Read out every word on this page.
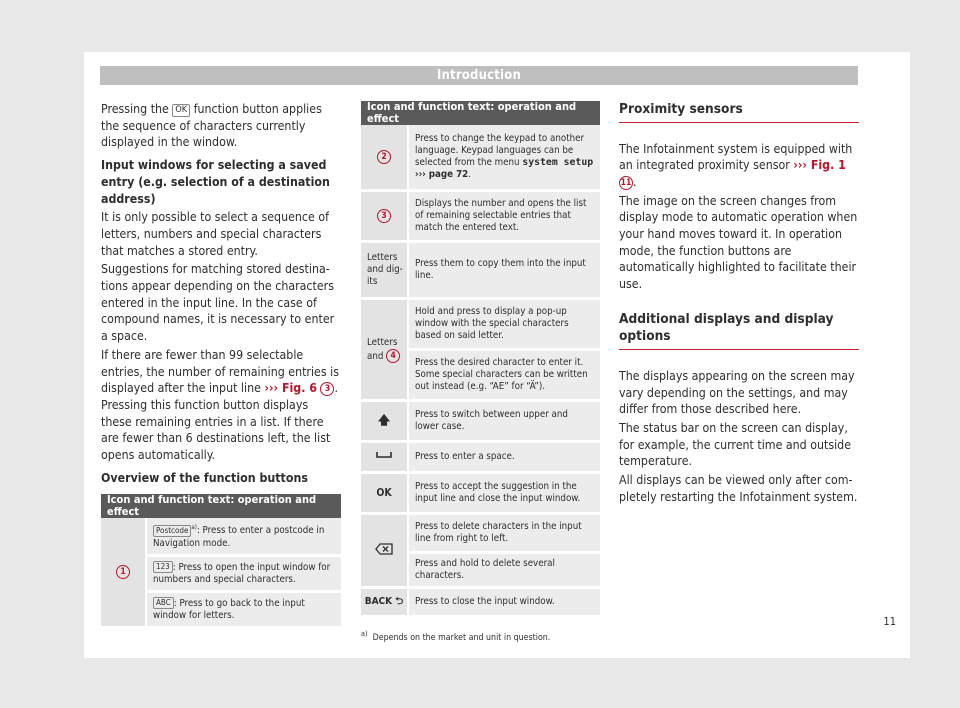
Introduction

Pressing the OK function button applies the sequence of characters currently displayed in the window.

Input windows for selecting a saved entry (e.g. selection of a destination address)

It is only possible to select a sequence of letters, numbers and special characters that matches a stored entry.

Suggestions for matching stored destinations appear depending on the characters entered in the input line. In the case of compound names, it is necessary to enter a space.

If there are fewer than 99 selectable entries, the number of remaining entries is displayed after the input line ››› Fig. 6 3 . Pressing this function button displays these remaining entries in a list. If there are fewer than 6 destinations left, the list opens automatically.

Overview of the function buttons

Icon and function text: operation and effect
1	Postcode $^{a)}$: Press to enter a postcode in Navigation mode.
123 : Press to open the input window for numbers and special characters.
ABC : Press to go back to the input window for letters.
Icon and function text: operation and effect	
2	Press to change the keypad to another language. Keypad languages can be selected from the menu system setup
››› page 72.
3	Displays the number and opens the list of remaining selectable entries that match the entered text.
Letters and digits	Press them to copy them into the input line.
Letters and 4	Hold and press to display a pop-up window with the special characters based on said letter.
	Press the desired character to enter it. Some special characters can be written out instead (e.g. “AE” for “Ä”).
🡅	Press to switch between upper and lower case.
	Press to enter a space.
OK	Press to accept the suggestion in the input line and close the input window.
	Press to delete characters in the input line from right to left.
	Press and hold to delete several characters.
BACK ⮌	Press to close the input window.
$^{a)}$ Depends on the market and unit in question.
Proximity sensors

The Infotainment system is equipped with an integrated proximity sensor ››› Fig. 1 11 .

The image on the screen changes from display mode to automatic operation when your hand moves toward it. In operation mode, the function buttons are automatically highlighted to facilitate their use.

Additional displays and display options

The displays appearing on the screen may vary depending on the settings, and may differ from those described here.

The status bar on the screen can display, for example, the current time and outside temperature.

All displays can be viewed only after completely restarting the Infotainment system.

11
